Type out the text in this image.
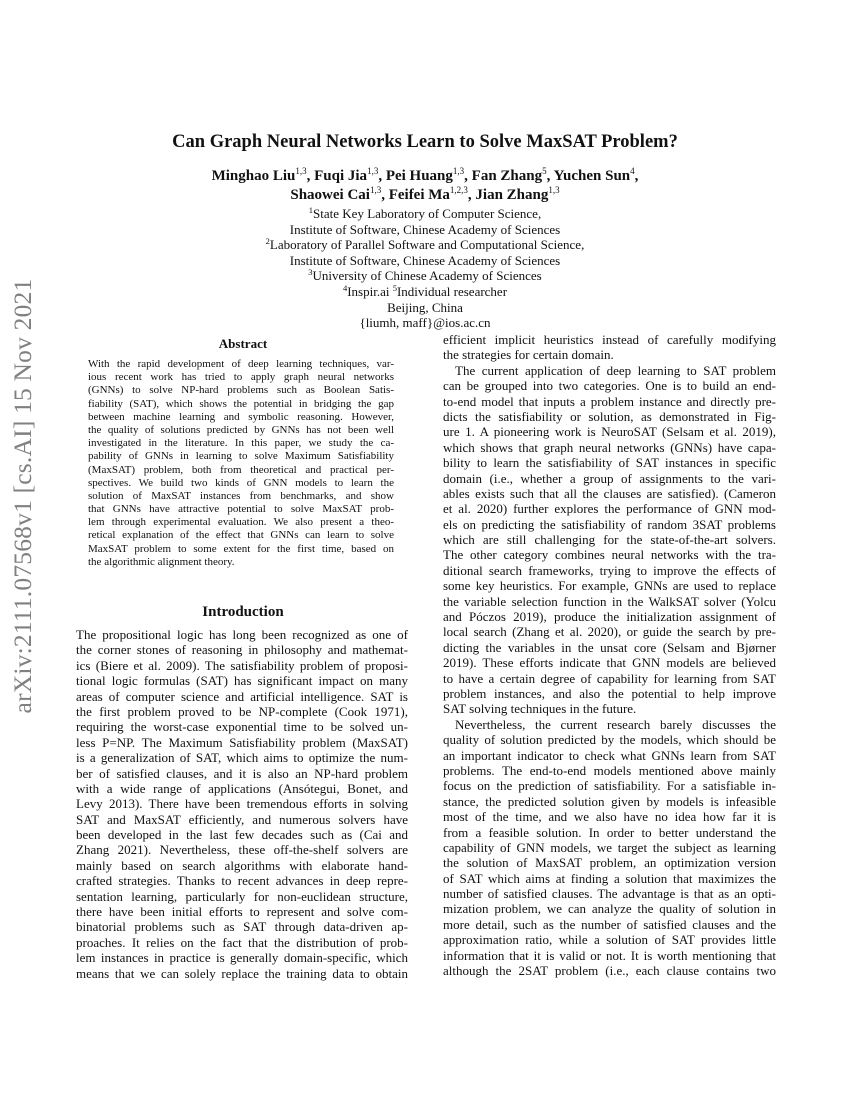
arXiv:2111.07568v1 [cs.AI] 15 Nov 2021
Can Graph Neural Networks Learn to Solve MaxSAT Problem?
Minghao Liu$^{1,3}$, Fuqi Jia$^{1,3}$, Pei Huang$^{1,3}$, Fan Zhang$^5$, Yuchen Sun$^4$,
Shaowei Cai$^{1,3}$, Feifei Ma$^{1,2,3}$, Jian Zhang$^{1,3}$
$^1$State Key Laboratory of Computer Science,
Institute of Software, Chinese Academy of Sciences
$^2$Laboratory of Parallel Software and Computational Science,
Institute of Software, Chinese Academy of Sciences
$^3$University of Chinese Academy of Sciences
$^4$Inspir.ai $^5$Individual researcher
Beijing, China
{liumh, maff}@ios.ac.cn
Abstract
With the rapid development of deep learning techniques, var-
ious recent work has tried to apply graph neural networks
(GNNs) to solve NP-hard problems such as Boolean Satis-
fiability (SAT), which shows the potential in bridging the gap
between machine learning and symbolic reasoning. However,
the quality of solutions predicted by GNNs has not been well
investigated in the literature. In this paper, we study the ca-
pability of GNNs in learning to solve Maximum Satisfiability
(MaxSAT) problem, both from theoretical and practical per-
spectives. We build two kinds of GNN models to learn the
solution of MaxSAT instances from benchmarks, and show
that GNNs have attractive potential to solve MaxSAT prob-
lem through experimental evaluation. We also present a theo-
retical explanation of the effect that GNNs can learn to solve
MaxSAT problem to some extent for the first time, based on
the algorithmic alignment theory.
Introduction
The propositional logic has long been recognized as one of
the corner stones of reasoning in philosophy and mathemat-
ics (Biere et al. 2009). The satisfiability problem of proposi-
tional logic formulas (SAT) has significant impact on many
areas of computer science and artificial intelligence. SAT is
the first problem proved to be NP-complete (Cook 1971),
requiring the worst-case exponential time to be solved un-
less P=NP. The Maximum Satisfiability problem (MaxSAT)
is a generalization of SAT, which aims to optimize the num-
ber of satisfied clauses, and it is also an NP-hard problem
with a wide range of applications (Ansótegui, Bonet, and
Levy 2013). There have been tremendous efforts in solving
SAT and MaxSAT efficiently, and numerous solvers have
been developed in the last few decades such as (Cai and
Zhang 2021). Nevertheless, these off-the-shelf solvers are
mainly based on search algorithms with elaborate hand-
crafted strategies. Thanks to recent advances in deep repre-
sentation learning, particularly for non-euclidean structure,
there have been initial efforts to represent and solve com-
binatorial problems such as SAT through data-driven ap-
proaches. It relies on the fact that the distribution of prob-
lem instances in practice is generally domain-specific, which
means that we can solely replace the training data to obtain
efficient implicit heuristics instead of carefully modifying
the strategies for certain domain.
The current application of deep learning to SAT problem
can be grouped into two categories. One is to build an end-
to-end model that inputs a problem instance and directly pre-
dicts the satisfiability or solution, as demonstrated in Fig-
ure 1. A pioneering work is NeuroSAT (Selsam et al. 2019),
which shows that graph neural networks (GNNs) have capa-
bility to learn the satisfiability of SAT instances in specific
domain (i.e., whether a group of assignments to the vari-
ables exists such that all the clauses are satisfied). (Cameron
et al. 2020) further explores the performance of GNN mod-
els on predicting the satisfiability of random 3SAT problems
which are still challenging for the state-of-the-art solvers.
The other category combines neural networks with the tra-
ditional search frameworks, trying to improve the effects of
some key heuristics. For example, GNNs are used to replace
the variable selection function in the WalkSAT solver (Yolcu
and Póczos 2019), produce the initialization assignment of
local search (Zhang et al. 2020), or guide the search by pre-
dicting the variables in the unsat core (Selsam and Bjørner
2019). These efforts indicate that GNN models are believed
to have a certain degree of capability for learning from SAT
problem instances, and also the potential to help improve
SAT solving techniques in the future.
Nevertheless, the current research barely discusses the
quality of solution predicted by the models, which should be
an important indicator to check what GNNs learn from SAT
problems. The end-to-end models mentioned above mainly
focus on the prediction of satisfiability. For a satisfiable in-
stance, the predicted solution given by models is infeasible
most of the time, and we also have no idea how far it is
from a feasible solution. In order to better understand the
capability of GNN models, we target the subject as learning
the solution of MaxSAT problem, an optimization version
of SAT which aims at finding a solution that maximizes the
number of satisfied clauses. The advantage is that as an opti-
mization problem, we can analyze the quality of solution in
more detail, such as the number of satisfied clauses and the
approximation ratio, while a solution of SAT provides little
information that it is valid or not. It is worth mentioning that
although the 2SAT problem (i.e., each clause contains two
